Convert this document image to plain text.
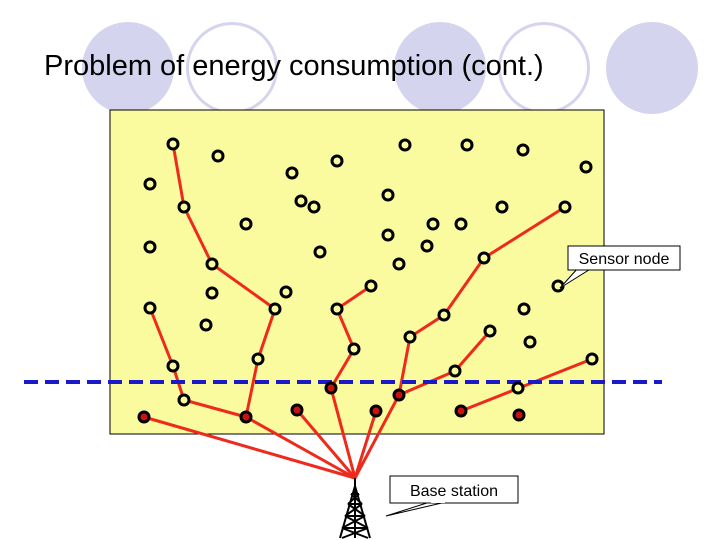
Problem of energy consumption (cont.)
Sensor node
Base station
